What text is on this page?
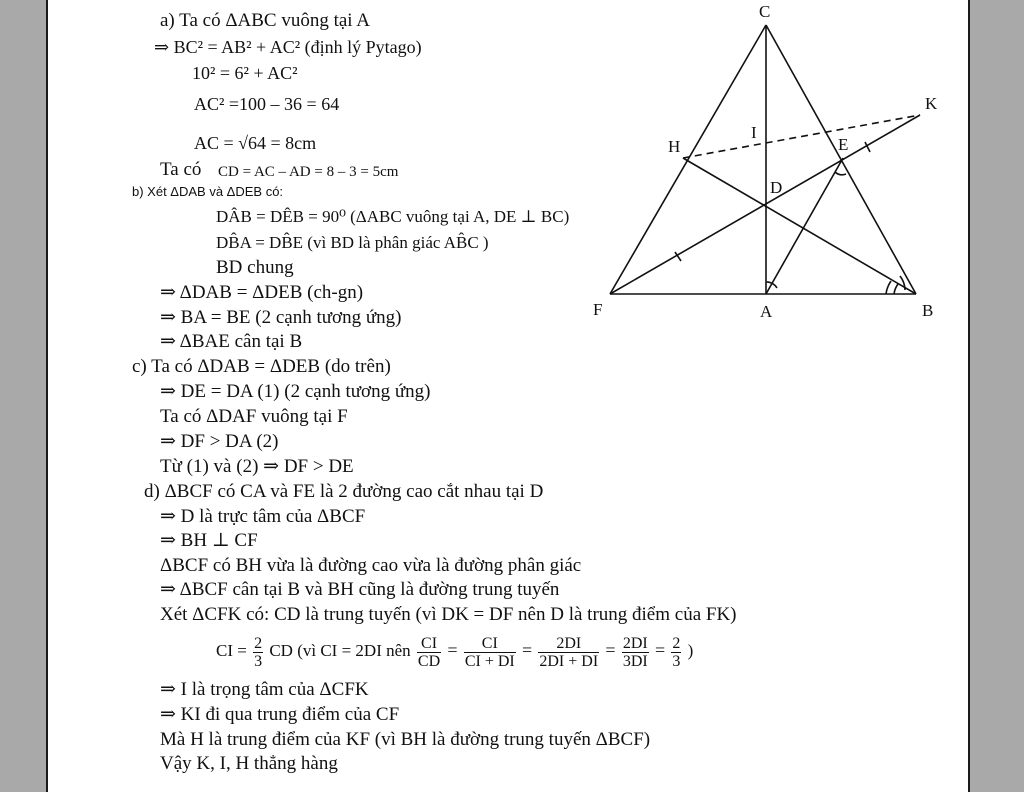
a) Ta có ΔABC vuông tại A
⇒ BC² = AB² + AC² (định lý Pytago)
10² = 6² + AC²
AC² =100 – 36 = 64
AC = √64 = 8cm
Ta có CD = AC – AD = 8 – 3 = 5cm
b) Xét ΔDAB và ΔDEB có:
DÂB = DÊB = 90⁰ (ΔABC vuông tại A, DE ⊥ BC)
DB̂A = DB̂E (vì BD là phân giác AB̂C )
BD chung
⇒ ΔDAB = ΔDEB (ch-gn)
⇒ BA = BE (2 cạnh tương ứng)
⇒ ΔBAE cân tại B
c) Ta có ΔDAB = ΔDEB (do trên)
⇒ DE = DA (1) (2 cạnh tương ứng)
Ta có ΔDAF vuông tại F
⇒ DF > DA (2)
Từ (1) và (2) ⇒ DF > DE
d) ΔBCF có CA và FE là 2 đường cao cắt nhau tại D
⇒ D là trực tâm của ΔBCF
⇒ BH ⊥ CF
ΔBCF có BH vừa là đường cao vừa là đường phân giác
⇒ ΔBCF cân tại B và BH cũng là đường trung tuyến
Xét ΔCFK có: CD là trung tuyến (vì DK = DF nên D là trung điểm của FK)
CI = $\frac{2}{3}$ CD (vì CI = 2DI nên $\frac{CI}{CD} = \frac{CI}{CI + DI} = \frac{2DI}{2DI + DI} = \frac{2DI}{3DI} = \frac{2}{3}$ )
⇒ I là trọng tâm của ΔCFK
⇒ KI đi qua trung điểm của CF
Mà H là trung điểm của KF (vì BH là đường trung tuyến ΔBCF)
Vậy K, I, H thẳng hàng
C
K
I
H	E
D
F	A	B
